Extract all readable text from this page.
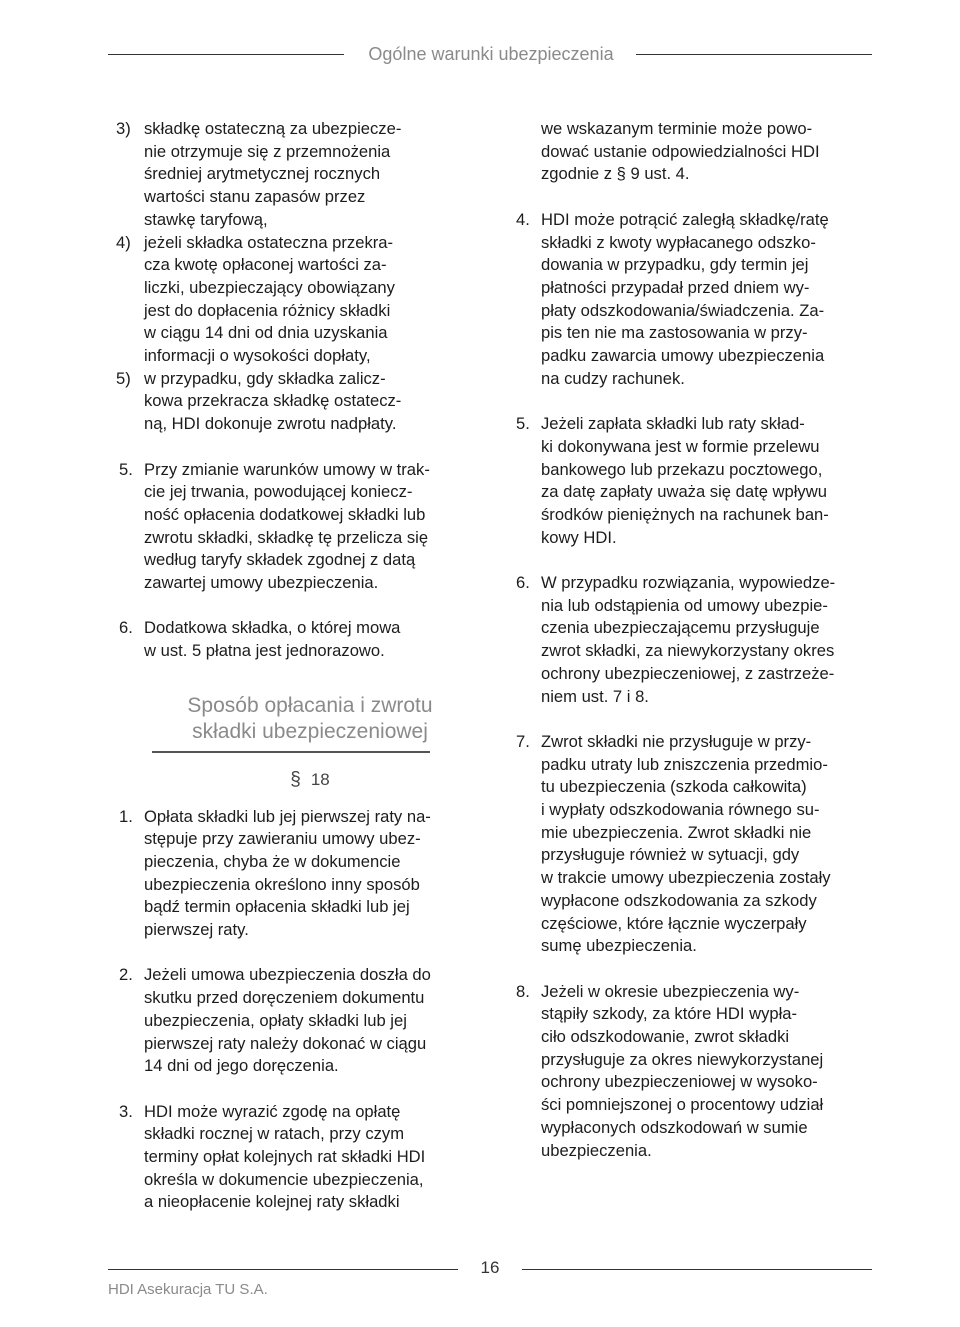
Ogólne warunki ubezpieczenia
3) składkę ostateczną za ubezpiecze-
nie otrzymuje się z przemnożenia
średniej arytmetycznej rocznych
wartości stanu zapasów przez
stawkę taryfową,
4) jeżeli składka ostateczna przekra-
cza kwotę opłaconej wartości za-
liczki, ubezpieczający obowiązany
jest do dopłacenia różnicy składki
w ciągu 14 dni od dnia uzyskania
informacji o wysokości dopłaty,
5) w przypadku, gdy składka zalicz-
kowa przekracza składkę ostatecz-
ną, HDI dokonuje zwrotu nadpłaty.
5. Przy zmianie warunków umowy w trak-
cie jej trwania, powodującej koniecz-
ność opłacenia dodatkowej składki lub
zwrotu składki, składkę tę przelicza się
według taryfy składek zgodnej z datą
zawartej umowy ubezpieczenia.
6. Dodatkowa składka, o której mowa
w ust. 5 płatna jest jednorazowo.
Sposób opłacania i zwrotu
składki ubezpieczeniowej
§ 18
1. Opłata składki lub jej pierwszej raty na-
stępuje przy zawieraniu umowy ubez-
pieczenia, chyba że w dokumencie
ubezpieczenia określono inny sposób
bądź termin opłacenia składki lub jej
pierwszej raty.
2. Jeżeli umowa ubezpieczenia doszła do
skutku przed doręczeniem dokumentu
ubezpieczenia, opłaty składki lub jej
pierwszej raty należy dokonać w ciągu
14 dni od jego doręczenia.
3. HDI może wyrazić zgodę na opłatę
składki rocznej w ratach, przy czym
terminy opłat kolejnych rat składki HDI
określa w dokumencie ubezpieczenia,
a nieopłacenie kolejnej raty składki
we wskazanym terminie może powo-
dować ustanie odpowiedzialności HDI
zgodnie z § 9 ust. 4.
4. HDI może potrącić zaległą składkę/ratę
składki z kwoty wypłacanego odszko-
dowania w przypadku, gdy termin jej
płatności przypadał przed dniem wy-
płaty odszkodowania/świadczenia. Za-
pis ten nie ma zastosowania w przy-
padku zawarcia umowy ubezpieczenia
na cudzy rachunek.
5. Jeżeli zapłata składki lub raty skład-
ki dokonywana jest w formie przelewu
bankowego lub przekazu pocztowego,
za datę zapłaty uważa się datę wpływu
środków pieniężnych na rachunek ban-
kowy HDI.
6. W przypadku rozwiązania, wypowiedze-
nia lub odstąpienia od umowy ubezpie-
czenia ubezpieczającemu przysługuje
zwrot składki, za niewykorzystany okres
ochrony ubezpieczeniowej, z zastrzeże-
niem ust. 7 i 8.
7. Zwrot składki nie przysługuje w przy-
padku utraty lub zniszczenia przedmio-
tu ubezpieczenia (szkoda całkowita)
i wypłaty odszkodowania równego su-
mie ubezpieczenia. Zwrot składki nie
przysługuje również w sytuacji, gdy
w trakcie umowy ubezpieczenia zostały
wypłacone odszkodowania za szkody
częściowe, które łącznie wyczerpały
sumę ubezpieczenia.
8. Jeżeli w okresie ubezpieczenia wy-
stąpiły szkody, za które HDI wypła-
ciło odszkodowanie, zwrot składki
przysługuje za okres niewykorzystanej
ochrony ubezpieczeniowej w wysoko-
ści pomniejszonej o procentowy udział
wypłaconych odszkodowań w sumie
ubezpieczenia.
16
HDI Asekuracja TU S.A.
